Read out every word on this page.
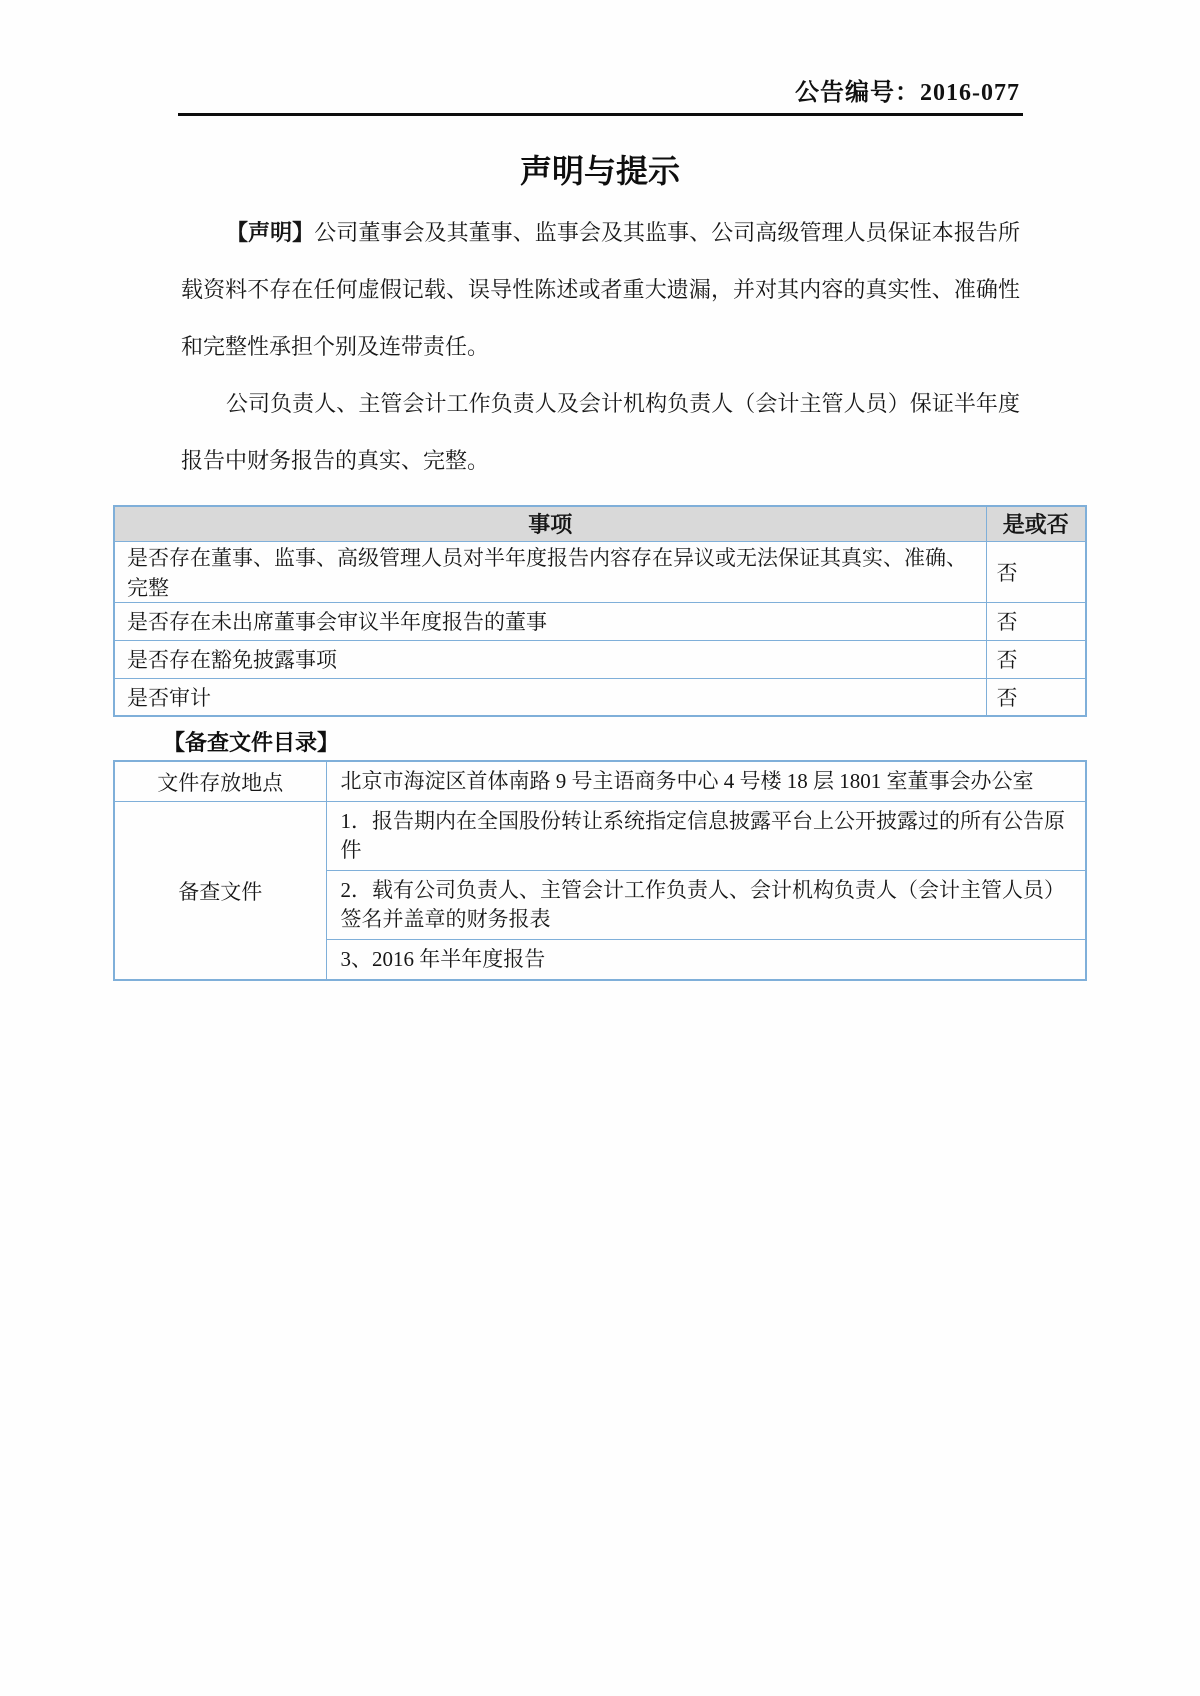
公告编号：2016-077
声明与提示

【声明】公司董事会及其董事、监事会及其监事、公司高级管理人员保证本报告所载资料不存在任何虚假记载、误导性陈述或者重大遗漏，并对其内容的真实性、准确性和完整性承担个别及连带责任。

公司负责人、主管会计工作负责人及会计机构负责人（会计主管人员）保证半年度报告中财务报告的真实、完整。

事项	是或否
是否存在董事、监事、高级管理人员对半年度报告内容存在异议或无法保证其真实、准确、完整	否
是否存在未出席董事会审议半年度报告的董事	否
是否存在豁免披露事项	否
是否审计	否
【备查文件目录】
文件存放地点	北京市海淀区首体南路 9 号主语商务中心 4 号楼 18 层 1801 室董事会办公室
备查文件	1．报告期内在全国股份转让系统指定信息披露平台上公开披露过的所有公告原件
	2．载有公司负责人、主管会计工作负责人、会计机构负责人（会计主管人员）签名并盖章的财务报表
	3、2016 年半年度报告
